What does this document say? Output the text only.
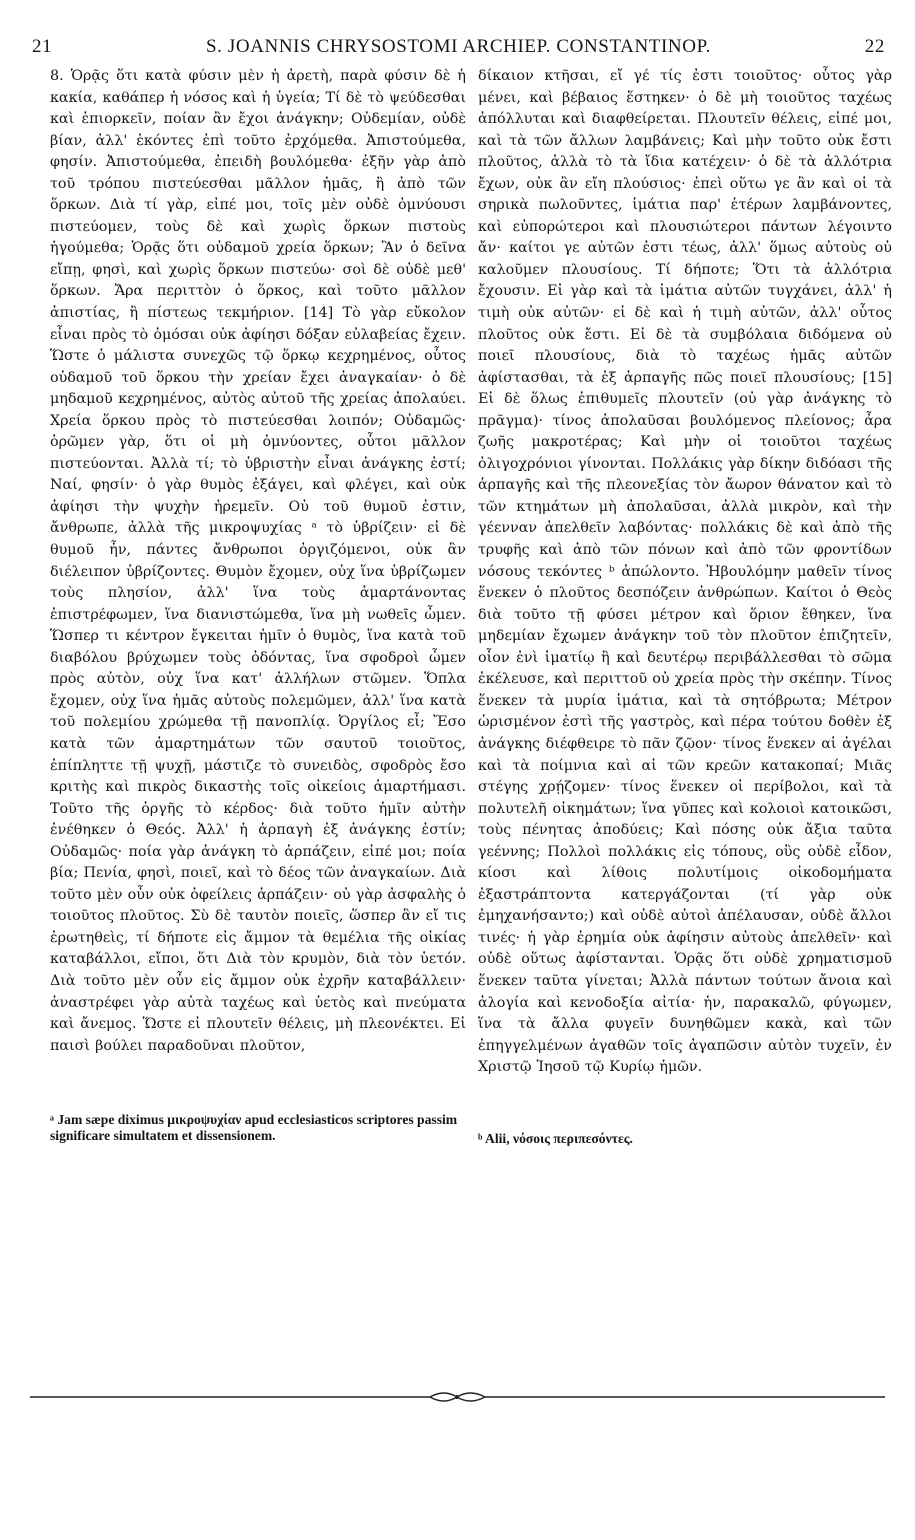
21	S. JOANNIS CHRYSOSTOMI ARCHIEP. CONSTANTINOP.	22

8. Ὁρᾷς ὅτι κατὰ φύσιν μὲν ἡ ἀρετὴ, παρὰ φύσιν δὲ ἡ κακία, καθάπερ ἡ νόσος καὶ ἡ ὑγεία; Τί δὲ τὸ ψεύδεσθαι καὶ ἐπιορκεῖν, ποίαν ἂν ἔχοι ἀνάγκην; Οὐδεμίαν, οὐδὲ βίαν, ἀλλ' ἑκόντες ἐπὶ τοῦτο ἐρχόμεθα. Ἀπιστούμεθα, φησίν. Ἀπιστούμεθα, ἐπειδὴ βουλόμεθα· ἐξῆν γὰρ ἀπὸ τοῦ τρόπου πιστεύεσθαι μᾶλλον ἡμᾶς, ἢ ἀπὸ τῶν ὅρκων. Διὰ τί γὰρ, εἰπέ μοι, τοῖς μὲν οὐδὲ ὀμνύουσι πιστεύομεν, τοὺς δὲ καὶ χωρὶς ὅρκων πιστοὺς ἡγούμεθα; Ὁρᾷς ὅτι οὐδαμοῦ χρεία ὅρκων; Ἂν ὁ δεῖνα εἴπῃ, φησὶ, καὶ χωρὶς ὅρκων πιστεύω· σοὶ δὲ οὐδὲ μεθ' ὅρκων. Ἄρα περιττὸν ὁ ὅρκος, καὶ τοῦτο μᾶλλον ἀπιστίας, ἢ πίστεως τεκμήριον. [14] Τὸ γὰρ εὔκολον εἶναι πρὸς τὸ ὀμόσαι οὐκ ἀφίησι δόξαν εὐλαβείας ἔχειν. Ὥστε ὁ μάλιστα συνεχῶς τῷ ὅρκῳ κεχρημένος, οὗτος οὐδαμοῦ τοῦ ὅρκου τὴν χρείαν ἔχει ἀναγκαίαν· ὁ δὲ μηδαμοῦ κεχρημένος, αὐτὸς αὐτοῦ τῆς χρείας ἀπολαύει. Χρεία ὅρκου πρὸς τὸ πιστεύεσθαι λοιπόν; Οὐδαμῶς· ὁρῶμεν γὰρ, ὅτι οἱ μὴ ὀμνύοντες, οὗτοι μᾶλλον πιστεύονται. Ἀλλὰ τί; τὸ ὑβριστὴν εἶναι ἀνάγκης ἐστί; Ναί, φησίν· ὁ γὰρ θυμὸς ἐξάγει, καὶ φλέγει, καὶ οὐκ ἀφίησι τὴν ψυχὴν ἠρεμεῖν. Οὐ τοῦ θυμοῦ ἐστιν, ἄνθρωπε, ἀλλὰ τῆς μικροψυχίας ᵃ τὸ ὑβρίζειν· εἰ δὲ θυμοῦ ἦν, πάντες ἄνθρωποι ὀργιζόμενοι, οὐκ ἂν διέλειπον ὑβρίζοντες. Θυμὸν ἔχομεν, οὐχ ἵνα ὑβρίζωμεν τοὺς πλησίον, ἀλλ' ἵνα τοὺς ἁμαρτάνοντας ἐπιστρέφωμεν, ἵνα διανιστώμεθα, ἵνα μὴ νωθεῖς ὦμεν. Ὥσπερ τι κέντρον ἔγκειται ἡμῖν ὁ θυμὸς, ἵνα κατὰ τοῦ διαβόλου βρύχωμεν τοὺς ὀδόντας, ἵνα σφοδροὶ ὦμεν πρὸς αὐτὸν, οὐχ ἵνα κατ' ἀλλήλων στῶμεν. Ὅπλα ἔχομεν, οὐχ ἵνα ἡμᾶς αὐτοὺς πολεμῶμεν, ἀλλ' ἵνα κατὰ τοῦ πολεμίου χρώμεθα τῇ πανοπλίᾳ. Ὀργίλος εἶ; Ἔσο κατὰ τῶν ἁμαρτημάτων τῶν σαυτοῦ τοιοῦτος, ἐπίπληττε τῇ ψυχῇ, μάστιζε τὸ συνειδὸς, σφοδρὸς ἔσο κριτὴς καὶ πικρὸς δικαστὴς τοῖς οἰκείοις ἁμαρτήμασι. Τοῦτο τῆς ὀργῆς τὸ κέρδος· διὰ τοῦτο ἡμῖν αὐτὴν ἐνέθηκεν ὁ Θεός. Ἀλλ' ἡ ἁρπαγὴ ἐξ ἀνάγκης ἐστίν; Οὐδαμῶς· ποία γὰρ ἀνάγκη τὸ ἁρπάζειν, εἰπέ μοι; ποία βία; Πενία, φησὶ, ποιεῖ, καὶ τὸ δέος τῶν ἀναγκαίων. Διὰ τοῦτο μὲν οὖν οὐκ ὀφείλεις ἁρπάζειν· οὐ γὰρ ἀσφαλὴς ὁ τοιοῦτος πλοῦτος. Σὺ δὲ ταυτὸν ποιεῖς, ὥσπερ ἂν εἴ τις ἐρωτηθεὶς, τί δήποτε εἰς ἄμμον τὰ θεμέλια τῆς οἰκίας καταβάλλοι, εἴποι, ὅτι Διὰ τὸν κρυμὸν, διὰ τὸν ὑετόν. Διὰ τοῦτο μὲν οὖν εἰς ἄμμον οὐκ ἐχρῆν καταβάλλειν· ἀναστρέφει γὰρ αὐτὰ ταχέως καὶ ὑετὸς καὶ πνεύματα καὶ ἄνεμος. Ὥστε εἰ πλουτεῖν θέλεις, μὴ πλεονέκτει. Εἰ παισὶ βούλει παραδοῦναι πλοῦτον,

δίκαιον κτῆσαι, εἴ γέ τίς ἐστι τοιοῦτος· οὗτος γὰρ μένει, καὶ βέβαιος ἕστηκεν· ὁ δὲ μὴ τοιοῦτος ταχέως ἀπόλλυται καὶ διαφθείρεται. Πλουτεῖν θέλεις, εἰπέ μοι, καὶ τὰ τῶν ἄλλων λαμβάνεις; Καὶ μὴν τοῦτο οὐκ ἔστι πλοῦτος, ἀλλὰ τὸ τὰ ἴδια κατέχειν· ὁ δὲ τὰ ἀλλότρια ἔχων, οὐκ ἂν εἴη πλούσιος· ἐπεὶ οὕτω γε ἂν καὶ οἱ τὰ σηρικὰ πωλοῦντες, ἱμάτια παρ' ἑτέρων λαμβάνοντες, καὶ εὐπορώτεροι καὶ πλουσιώτεροι πάντων λέγοιντο ἄν· καίτοι γε αὐτῶν ἐστι τέως, ἀλλ' ὅμως αὐτοὺς οὐ καλοῦμεν πλουσίους. Τί δήποτε; Ὅτι τὰ ἀλλότρια ἔχουσιν. Εἰ γὰρ καὶ τὰ ἱμάτια αὐτῶν τυγχάνει, ἀλλ' ἡ τιμὴ οὐκ αὐτῶν· εἰ δὲ καὶ ἡ τιμὴ αὐτῶν, ἀλλ' οὗτος πλοῦτος οὐκ ἔστι. Εἰ δὲ τὰ συμβόλαια διδόμενα οὐ ποιεῖ πλουσίους, διὰ τὸ ταχέως ἡμᾶς αὐτῶν ἀφίστασθαι, τὰ ἐξ ἁρπαγῆς πῶς ποιεῖ πλουσίους; [15] Εἰ δὲ ὅλως ἐπιθυμεῖς πλουτεῖν (οὐ γὰρ ἀνάγκης τὸ πρᾶγμα)· τίνος ἀπολαῦσαι βουλόμενος πλείονος; ἆρα ζωῆς μακροτέρας; Καὶ μὴν οἱ τοιοῦτοι ταχέως ὀλιγοχρόνιοι γίνονται. Πολλάκις γὰρ δίκην διδόασι τῆς ἁρπαγῆς καὶ τῆς πλεονεξίας τὸν ἄωρον θάνατον καὶ τὸ τῶν κτημάτων μὴ ἀπολαῦσαι, ἀλλὰ μικρὸν, καὶ τὴν γέενναν ἀπελθεῖν λαβόντας· πολλάκις δὲ καὶ ἀπὸ τῆς τρυφῆς καὶ ἀπὸ τῶν πόνων καὶ ἀπὸ τῶν φροντίδων νόσους τεκόντες ᵇ ἀπώλοντο. Ἠβουλόμην μαθεῖν τίνος ἕνεκεν ὁ πλοῦτος δεσπόζειν ἀνθρώπων. Καίτοι ὁ Θεὸς διὰ τοῦτο τῇ φύσει μέτρον καὶ ὅριον ἔθηκεν, ἵνα μηδεμίαν ἔχωμεν ἀνάγκην τοῦ τὸν πλοῦτον ἐπιζητεῖν, οἷον ἐνὶ ἱματίῳ ἢ καὶ δευτέρῳ περιβάλλεσθαι τὸ σῶμα ἐκέλευσε, καὶ περιττοῦ οὐ χρεία πρὸς τὴν σκέπην. Τίνος ἕνεκεν τὰ μυρία ἱμάτια, καὶ τὰ σητόβρωτα; Μέτρον ὡρισμένον ἐστὶ τῆς γαστρὸς, καὶ πέρα τούτου δοθὲν ἐξ ἀνάγκης διέφθειρε τὸ πᾶν ζῷον· τίνος ἕνεκεν αἱ ἀγέλαι καὶ τὰ ποίμνια καὶ αἱ τῶν κρεῶν κατακοπαί; Μιᾶς στέγης χρῄζομεν· τίνος ἕνεκεν οἱ περίβολοι, καὶ τὰ πολυτελῆ οἰκημάτων; ἵνα γῦπες καὶ κολοιοὶ κατοικῶσι, τοὺς πένητας ἀποδύεις; Καὶ πόσης οὐκ ἄξια ταῦτα γεέννης; Πολλοὶ πολλάκις εἰς τόπους, οὓς οὐδὲ εἶδον, κίοσι καὶ λίθοις πολυτίμοις οἰκοδομήματα ἐξαστράπτοντα κατεργάζονται (τί γὰρ οὐκ ἐμηχανήσαντο;) καὶ οὐδὲ αὐτοὶ ἀπέλαυσαν, οὐδὲ ἄλλοι τινές· ἡ γὰρ ἐρημία οὐκ ἀφίησιν αὐτοὺς ἀπελθεῖν· καὶ οὐδὲ οὕτως ἀφίστανται. Ὁρᾷς ὅτι οὐδὲ χρηματισμοῦ ἕνεκεν ταῦτα γίνεται; Ἀλλὰ πάντων τούτων ἄνοια καὶ ἀλογία καὶ κενοδοξία αἰτία· ἡν, παρακαλῶ, φύγωμεν, ἵνα τὰ ἄλλα φυγεῖν δυνηθῶμεν κακὰ, καὶ τῶν ἐπηγγελμένων ἀγαθῶν τοῖς ἀγαπῶσιν αὐτὸν τυχεῖν, ἐν Χριστῷ Ἰησοῦ τῷ Κυρίῳ ἡμῶν.

ᵃ Jam sæpe diximus μικροψυχίαν apud ecclesiasticos scriptores passim significare simultatem et dissensionem.	ᵇ Alii, νόσοις περιπεσόντες.
